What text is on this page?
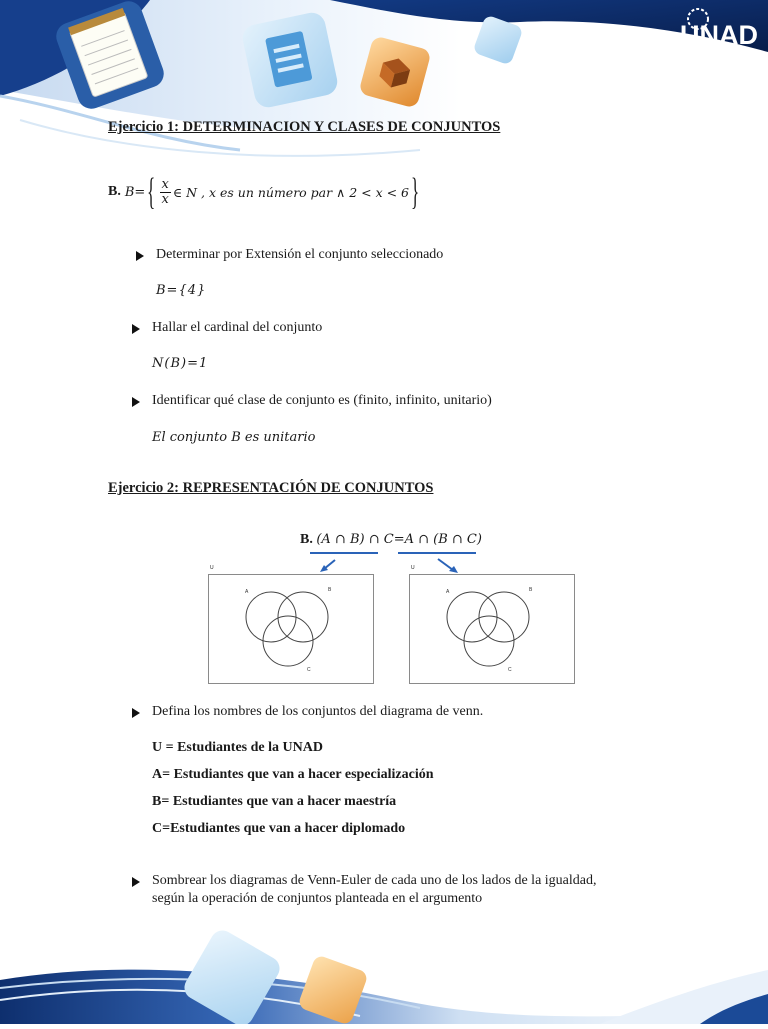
UNAD
Universidad Nacional
Abierta y a Distancia
Ejercicio 1: DETERMINACION Y CLASES DE CONJUNTOS
B. B= { $\frac{x}{x}$ ∈ N , x es un número par ∧ 2 < x < 6 }
Determinar por Extensión el conjunto seleccionado
B={4}
Hallar el cardinal del conjunto
N(B)=1
Identificar qué clase de conjunto es (finito, infinito, unitario)
El conjunto B es unitario
Ejercicio 2: REPRESENTACIÓN DE CONJUNTOS
B. (A ∩ B) ∩ C=A ∩ (B ∩ C)
A	B
C
U
A	B
C
U
Defina los nombres de los conjuntos del diagrama de venn.
U = Estudiantes de la UNAD
A= Estudiantes que van a hacer especialización
B= Estudiantes que van a hacer maestría
C=Estudiantes que van a hacer diplomado
Sombrear los diagramas de Venn-Euler de cada uno de los lados de la igualdad,
según la operación de conjuntos planteada en el argumento
